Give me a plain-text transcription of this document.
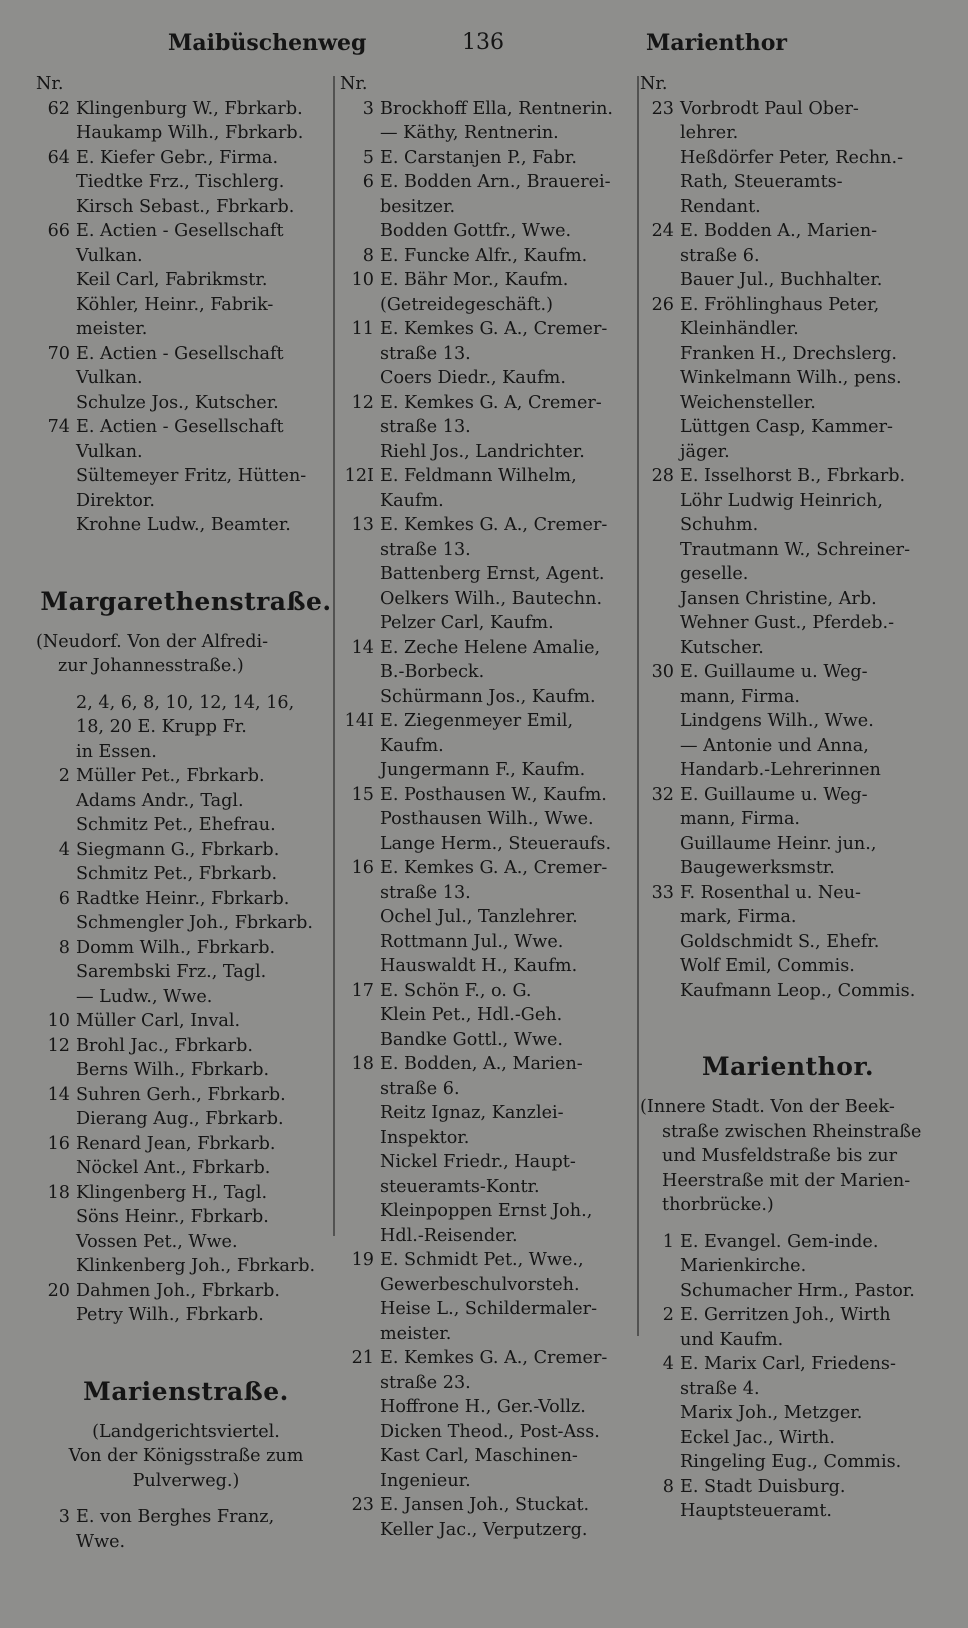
Maibüschenweg	136	Marienthor
Nr.
62 Klingenburg W., Fbrkarb.
Haukamp Wilh., Fbrkarb.
64 E. Kiefer Gebr., Firma.
Tiedtke Frz., Tischlerg.
Kirsch Sebast., Fbrkarb.
66 E. Actien - Gesellschaft
Vulkan.
Keil Carl, Fabrikmstr.
Köhler, Heinr., Fabrik-
meister.
70 E. Actien - Gesellschaft
Vulkan.
Schulze Jos., Kutscher.
74 E. Actien - Gesellschaft
Vulkan.
Sültemeyer Fritz, Hütten-
Direktor.
Krohne Ludw., Beamter.
Margarethenstraße.
(Neudorf. Von der Alfredi-
zur Johannesstraße.)
2, 4, 6, 8, 10, 12, 14, 16,
18, 20 E. Krupp Fr.
in Essen.
2 Müller Pet., Fbrkarb.
Adams Andr., Tagl.
Schmitz Pet., Ehefrau.
4 Siegmann G., Fbrkarb.
Schmitz Pet., Fbrkarb.
6 Radtke Heinr., Fbrkarb.
Schmengler Joh., Fbrkarb.
8 Domm Wilh., Fbrkarb.
Sarembski Frz., Tagl.
— Ludw., Wwe.
10 Müller Carl, Inval.
12 Brohl Jac., Fbrkarb.
Berns Wilh., Fbrkarb.
14 Suhren Gerh., Fbrkarb.
Dierang Aug., Fbrkarb.
16 Renard Jean, Fbrkarb.
Nöckel Ant., Fbrkarb.
18 Klingenberg H., Tagl.
Söns Heinr., Fbrkarb.
Vossen Pet., Wwe.
Klinkenberg Joh., Fbrkarb.
20 Dahmen Joh., Fbrkarb.
Petry Wilh., Fbrkarb.
Marienstraße.
(Landgerichtsviertel.
Von der Königsstraße zum
Pulverweg.)
3 E. von Berghes Franz,
Wwe.
Nr.
3 Brockhoff Ella, Rentnerin.
— Käthy, Rentnerin.
5 E. Carstanjen P., Fabr.
6 E. Bodden Arn., Brauerei-
besitzer.
Bodden Gottfr., Wwe.
8 E. Funcke Alfr., Kaufm.
10 E. Bähr Mor., Kaufm.
(Getreidegeschäft.)
11 E. Kemkes G. A., Cremer-
straße 13.
Coers Diedr., Kaufm.
12 E. Kemkes G. A, Cremer-
straße 13.
Riehl Jos., Landrichter.
12I E. Feldmann Wilhelm,
Kaufm.
13 E. Kemkes G. A., Cremer-
straße 13.
Battenberg Ernst, Agent.
Oelkers Wilh., Bautechn.
Pelzer Carl, Kaufm.
14 E. Zeche Helene Amalie,
B.-Borbeck.
Schürmann Jos., Kaufm.
14I E. Ziegenmeyer Emil,
Kaufm.
Jungermann F., Kaufm.
15 E. Posthausen W., Kaufm.
Posthausen Wilh., Wwe.
Lange Herm., Steueraufs.
16 E. Kemkes G. A., Cremer-
straße 13.
Ochel Jul., Tanzlehrer.
Rottmann Jul., Wwe.
Hauswaldt H., Kaufm.
17 E. Schön F., o. G.
Klein Pet., Hdl.-Geh.
Bandke Gottl., Wwe.
18 E. Bodden, A., Marien-
straße 6.
Reitz Ignaz, Kanzlei-
Inspektor.
Nickel Friedr., Haupt-
steueramts-Kontr.
Kleinpoppen Ernst Joh.,
Hdl.-Reisender.
19 E. Schmidt Pet., Wwe.,
Gewerbeschulvorsteh.
Heise L., Schildermaler-
meister.
21 E. Kemkes G. A., Cremer-
straße 23.
Hoffrone H., Ger.-Vollz.
Dicken Theod., Post-Ass.
Kast Carl, Maschinen-
Ingenieur.
23 E. Jansen Joh., Stuckat.
Keller Jac., Verputzerg.
Nr.
23 Vorbrodt Paul Ober-
lehrer.
Heßdörfer Peter, Rechn.-
Rath, Steueramts-
Rendant.
24 E. Bodden A., Marien-
straße 6.
Bauer Jul., Buchhalter.
26 E. Fröhlinghaus Peter,
Kleinhändler.
Franken H., Drechslerg.
Winkelmann Wilh., pens.
Weichensteller.
Lüttgen Casp, Kammer-
jäger.
28 E. Isselhorst B., Fbrkarb.
Löhr Ludwig Heinrich,
Schuhm.
Trautmann W., Schreiner-
geselle.
Jansen Christine, Arb.
Wehner Gust., Pferdeb.-
Kutscher.
30 E. Guillaume u. Weg-
mann, Firma.
Lindgens Wilh., Wwe.
— Antonie und Anna,
Handarb.-Lehrerinnen
32 E. Guillaume u. Weg-
mann, Firma.
Guillaume Heinr. jun.,
Baugewerksmstr.
33 F. Rosenthal u. Neu-
mark, Firma.
Goldschmidt S., Ehefr.
Wolf Emil, Commis.
Kaufmann Leop., Commis.
Marienthor.
(Innere Stadt. Von der Beek-
straße zwischen Rheinstraße
und Musfeldstraße bis zur
Heerstraße mit der Marien-
thorbrücke.)
1 E. Evangel. Gem-inde.
Marienkirche.
Schumacher Hrm., Pastor.
2 E. Gerritzen Joh., Wirth
und Kaufm.
4 E. Marix Carl, Friedens-
straße 4.
Marix Joh., Metzger.
Eckel Jac., Wirth.
Ringeling Eug., Commis.
8 E. Stadt Duisburg.
Hauptsteueramt.
